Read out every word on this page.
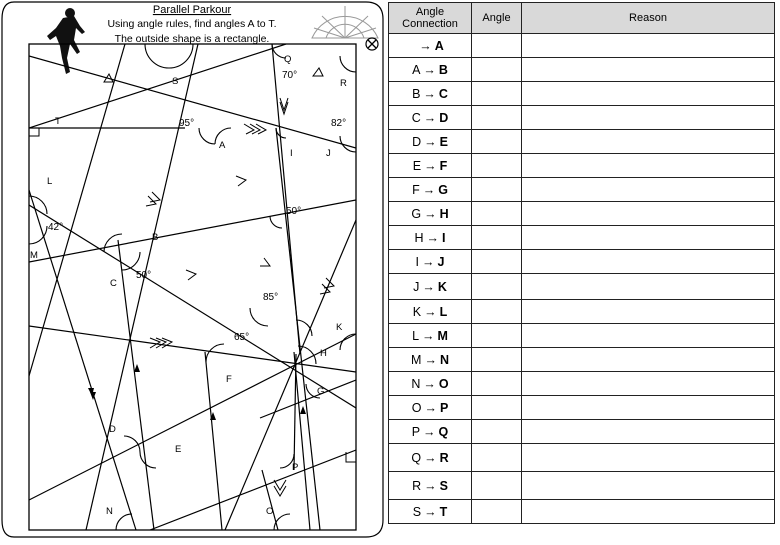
Parallel Parkour
Using angle rules, find angles A to T.
The outside shape is a rectangle.
70°
95°	82°
50°
42°
50°
85°
65°
S
Q
R
T
A
I	J
L
B
M
C
K
H
F
G
D
E
P
N	O
Angle Connection	Angle	Reason
→ A		
A → B		
B → C		
C → D		
D → E		
E → F		
F → G		
G → H		
H → I		
I → J		
J → K		
K → L		
L → M		
M → N		
N → O		
O → P		
P → Q		
Q → R		
R → S		
S → T		
